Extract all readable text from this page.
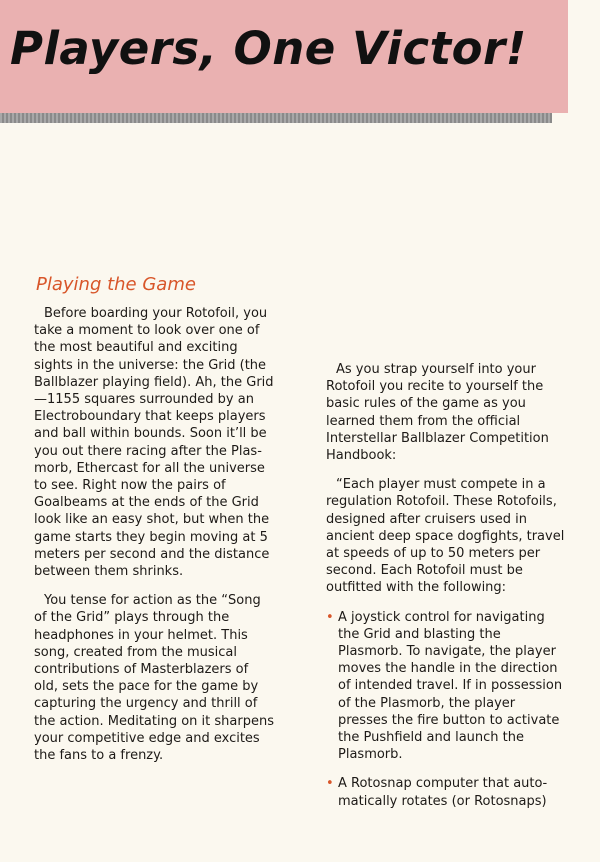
Players, One Victor!
Playing the Game

Before boarding your Rotofoil, you take a moment to look over one of the most beautiful and exciting sights in the universe: the Grid (the Ballblazer playing field). Ah, the Grid—1155 squares surrounded by an Electroboundary that keeps players and ball within bounds. Soon it’ll be you out there racing after the Plasmorb, Ethercast for all the universe to see. Right now the pairs of Goalbeams at the ends of the Grid look like an easy shot, but when the game starts they begin moving at 5 meters per second and the distance between them shrinks.

You tense for action as the “Song of the Grid” plays through the headphones in your helmet. This song, created from the musical contributions of Masterblazers of old, sets the pace for the game by capturing the urgency and thrill of the action. Meditating on it sharpens your competitive edge and excites the fans to a frenzy.

As you strap yourself into your Rotofoil you recite to yourself the basic rules of the game as you learned them from the official Interstellar Ballblazer Competition Handbook:

“Each player must compete in a regulation Rotofoil. These Rotofoils, designed after cruisers used in ancient deep space dogfights, travel at speeds of up to 50 meters per second. Each Rotofoil must be outfitted with the following:

• A joystick control for navigating the Grid and blasting the Plasmorb. To navigate, the player moves the handle in the direction of intended travel. If in possession of the Plasmorb, the player presses the fire button to activate the Pushfield and launch the Plasmorb.
• A Rotosnap computer that automatically rotates (or Rotosnaps)
